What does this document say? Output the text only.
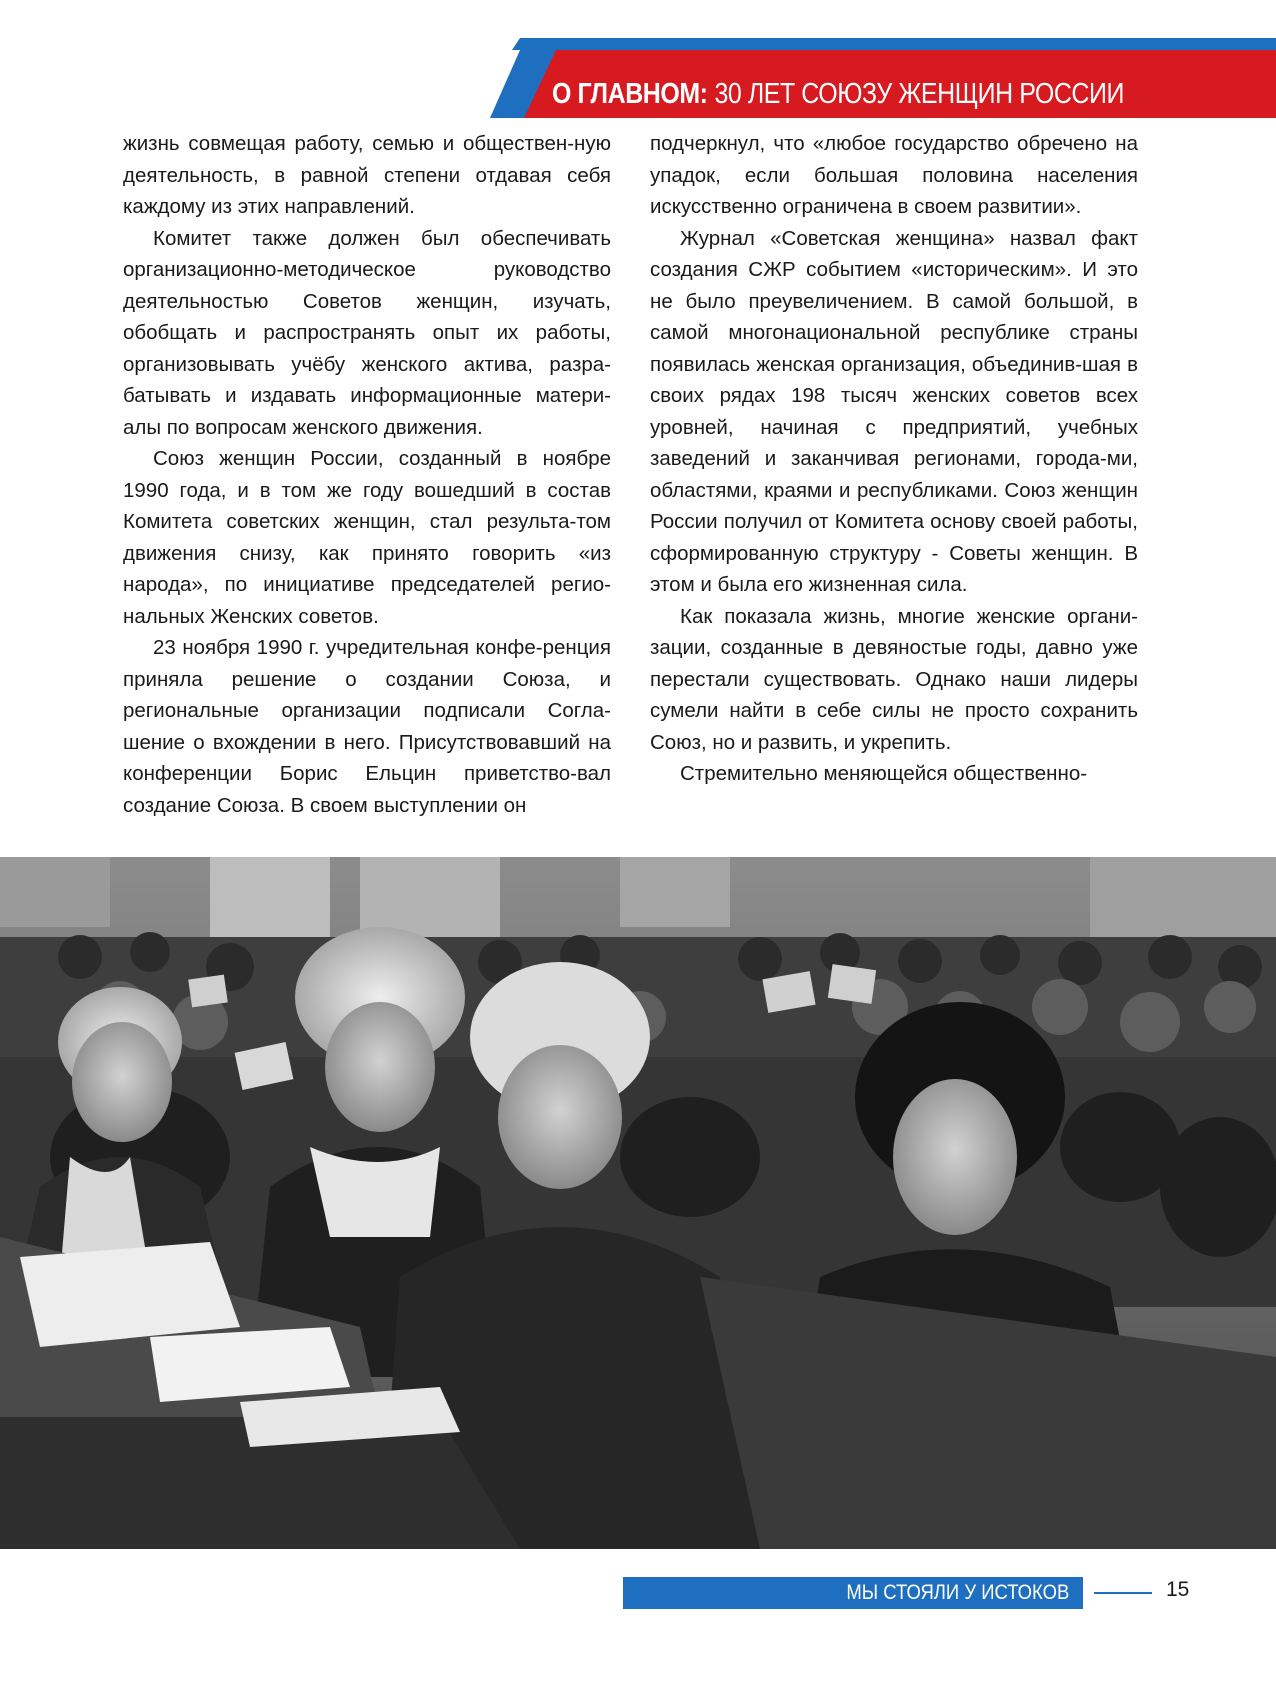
О ГЛАВНОМ: 30 ЛЕТ СОЮЗУ ЖЕНЩИН РОССИИ

жизнь совмещая работу, семью и обществен-ную деятельность, в равной степени отдавая себя каждому из этих направлений.

Комитет также должен был обеспечивать организационно-методическое руководство деятельностью Советов женщин, изучать, обобщать и распространять опыт их работы, организовывать учёбу женского актива, разра-батывать и издавать информационные матери-алы по вопросам женского движения.

Союз женщин России, созданный в ноябре 1990 года, и в том же году вошедший в состав Комитета советских женщин, стал результа-том движения снизу, как принято говорить «из народа», по инициативе председателей регио-нальных Женских советов.

23 ноября 1990 г. учредительная конфе-ренция приняла решение о создании Союза, и региональные организации подписали Согла-шение о вхождении в него. Присутствовавший на конференции Борис Ельцин приветство-вал создание Союза. В своем выступлении он

подчеркнул, что «любое государство обречено на упадок, если большая половина населения искусственно ограничена в своем развитии».

Журнал «Советская женщина» назвал факт создания СЖР событием «историческим». И это не было преувеличением. В самой большой, в самой многонациональной республике страны появилась женская организация, объединив-шая в своих рядах 198 тысяч женских советов всех уровней, начиная с предприятий, учебных заведений и заканчивая регионами, города-ми, областями, краями и республиками. Союз женщин России получил от Комитета основу своей работы, сформированную структуру - Советы женщин. В этом и была его жизненная сила.

Как показала жизнь, многие женские органи-зации, созданные в девяностые годы, давно уже перестали существовать. Однако наши лидеры сумели найти в себе силы не просто сохранить Союз, но и развить, и укрепить.

Стремительно меняющейся общественно-

МЫ СТОЯЛИ У ИСТОКОВ	15
